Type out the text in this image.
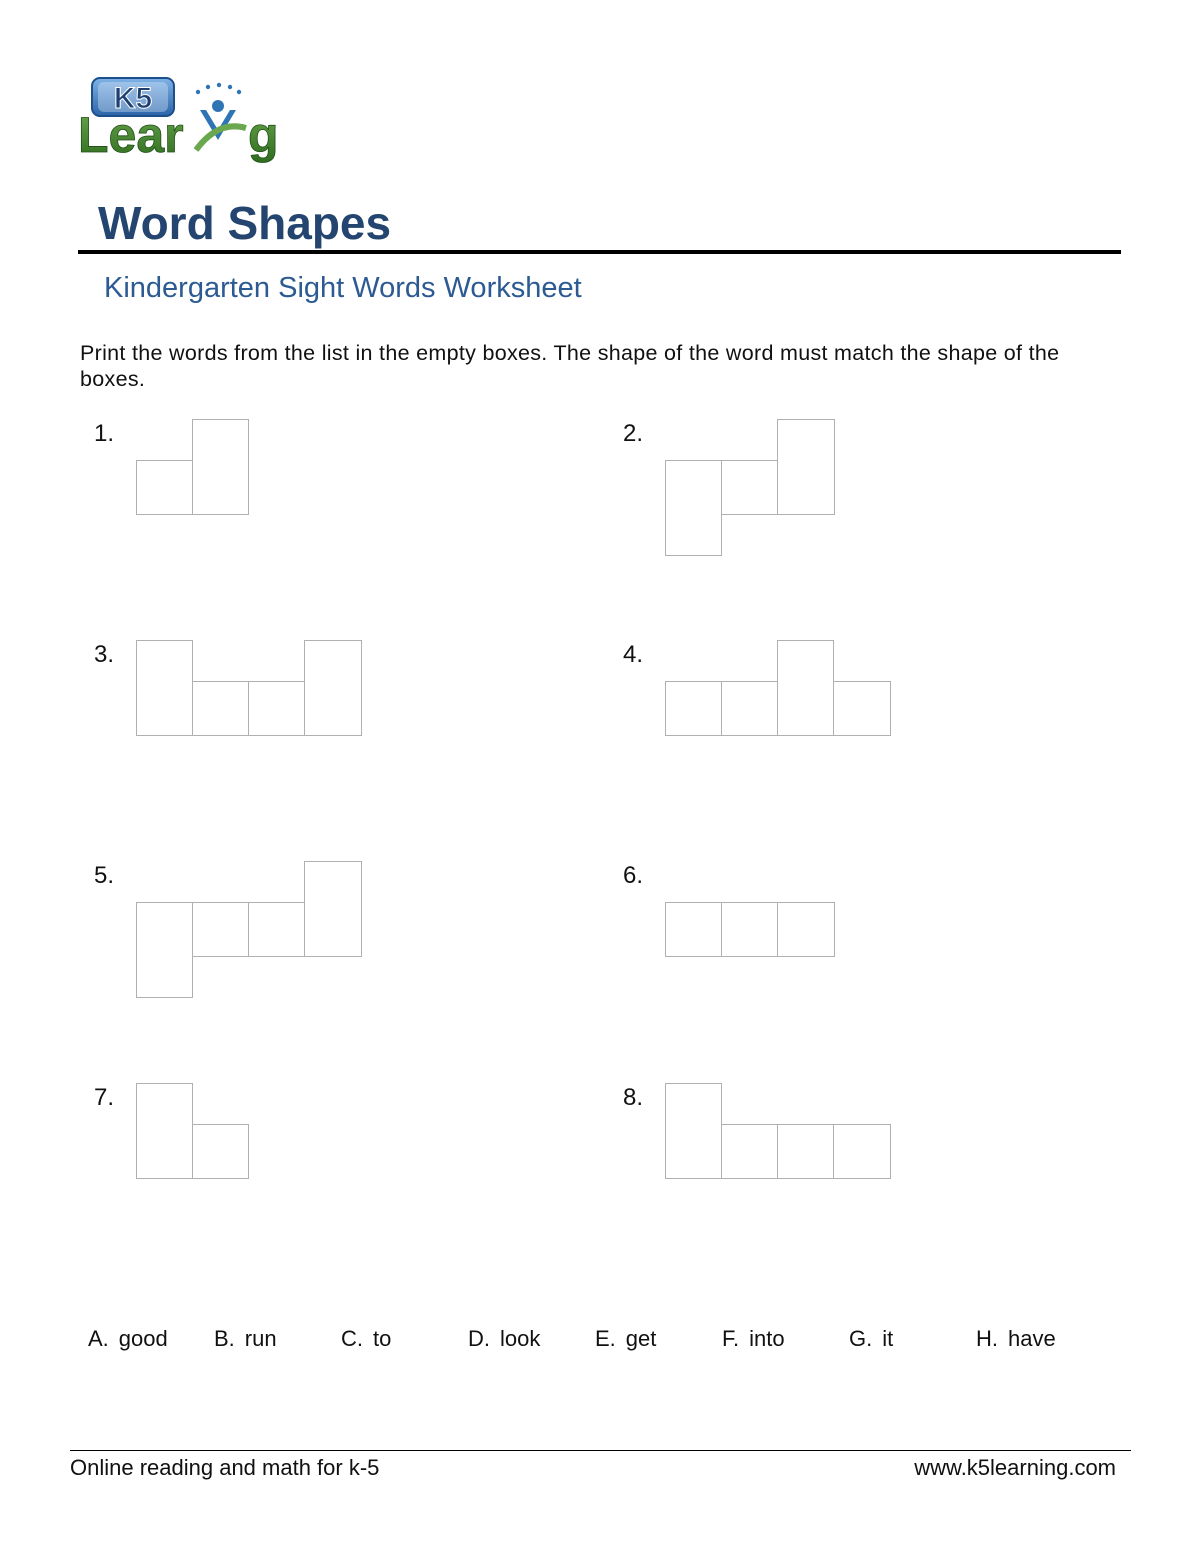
K5
Lear g
Word Shapes
Kindergarten Sight Words Worksheet
Print the words from the list in the empty boxes. The shape of the word must match the shape of the boxes.
1.	2.
3.	4.
5.	6.
7.	8.
A. good B. run	C. to	D. look E. get	F. into	G. it	H. have
Online reading and math for k-5	www.k5learning.com
